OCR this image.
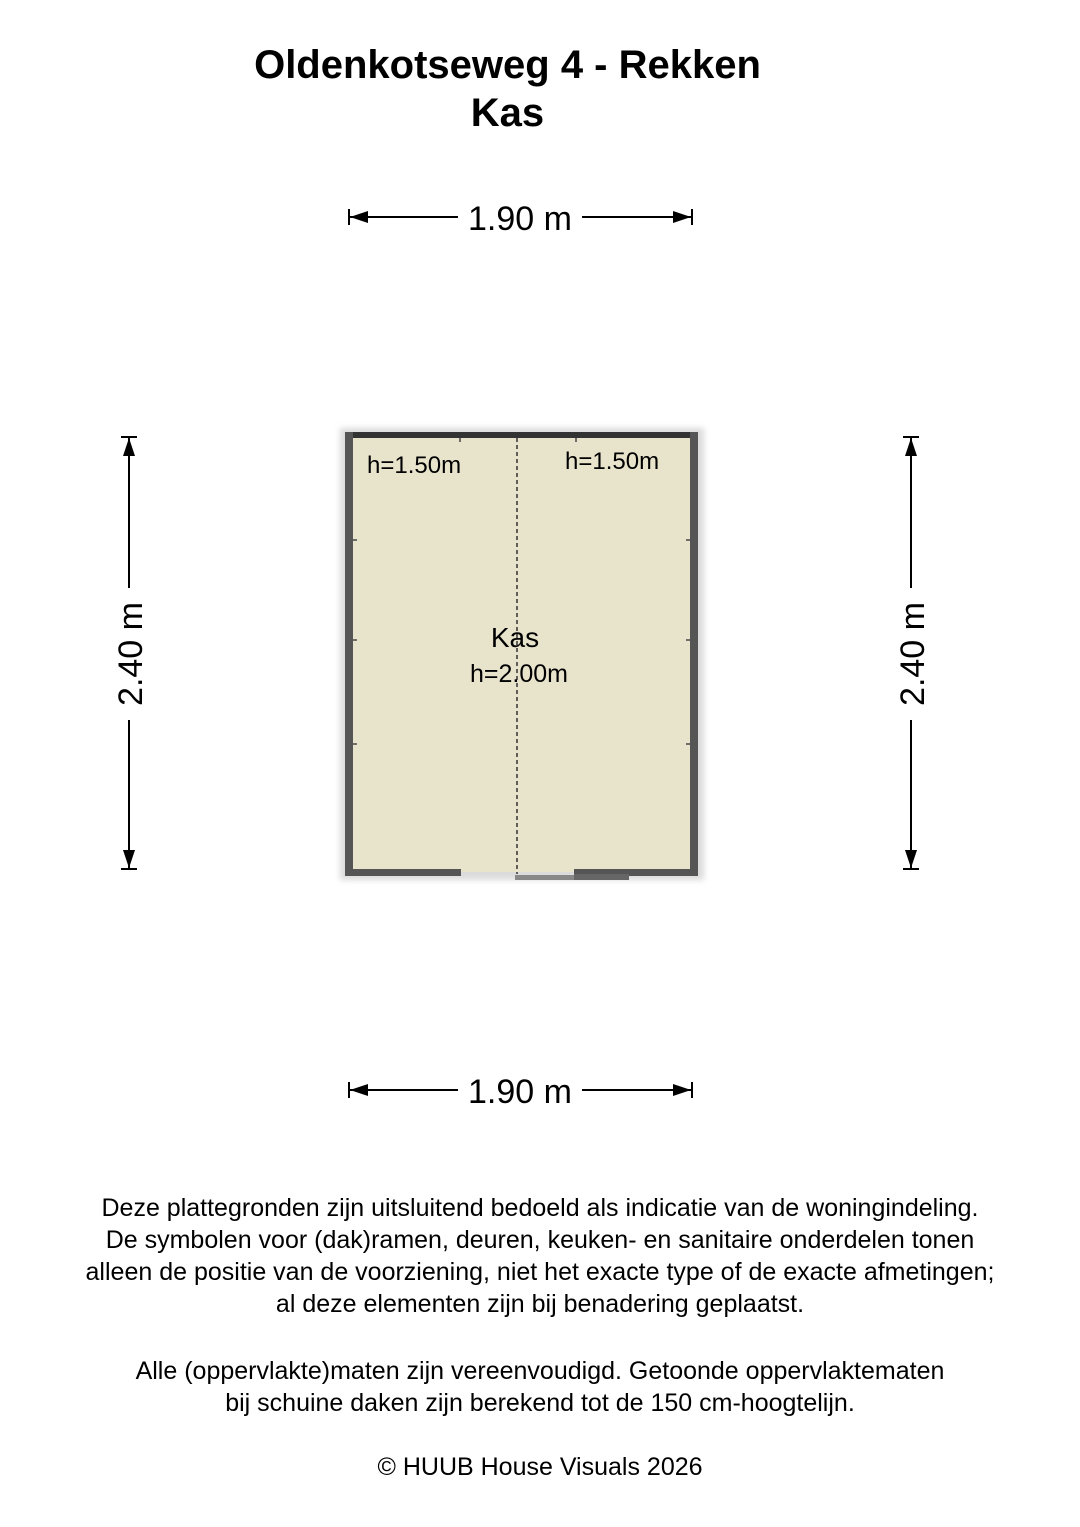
Oldenkotseweg 4 - Rekken
Kas
1.90 m
1.90 m
2.40 m	2.40 m
h=1.50m	h=1.50m
Kas
h=2.00m
Deze plattegronden zijn uitsluitend bedoeld als indicatie van de woningindeling.
De symbolen voor (dak)ramen, deuren, keuken- en sanitaire onderdelen tonen
alleen de positie van de voorziening, niet het exacte type of de exacte afmetingen;
al deze elementen zijn bij benadering geplaatst.
Alle (oppervlakte)maten zijn vereenvoudigd. Getoonde oppervlaktematen
bij schuine daken zijn berekend tot de 150 cm-hoogtelijn.
© HUUB House Visuals 2026
